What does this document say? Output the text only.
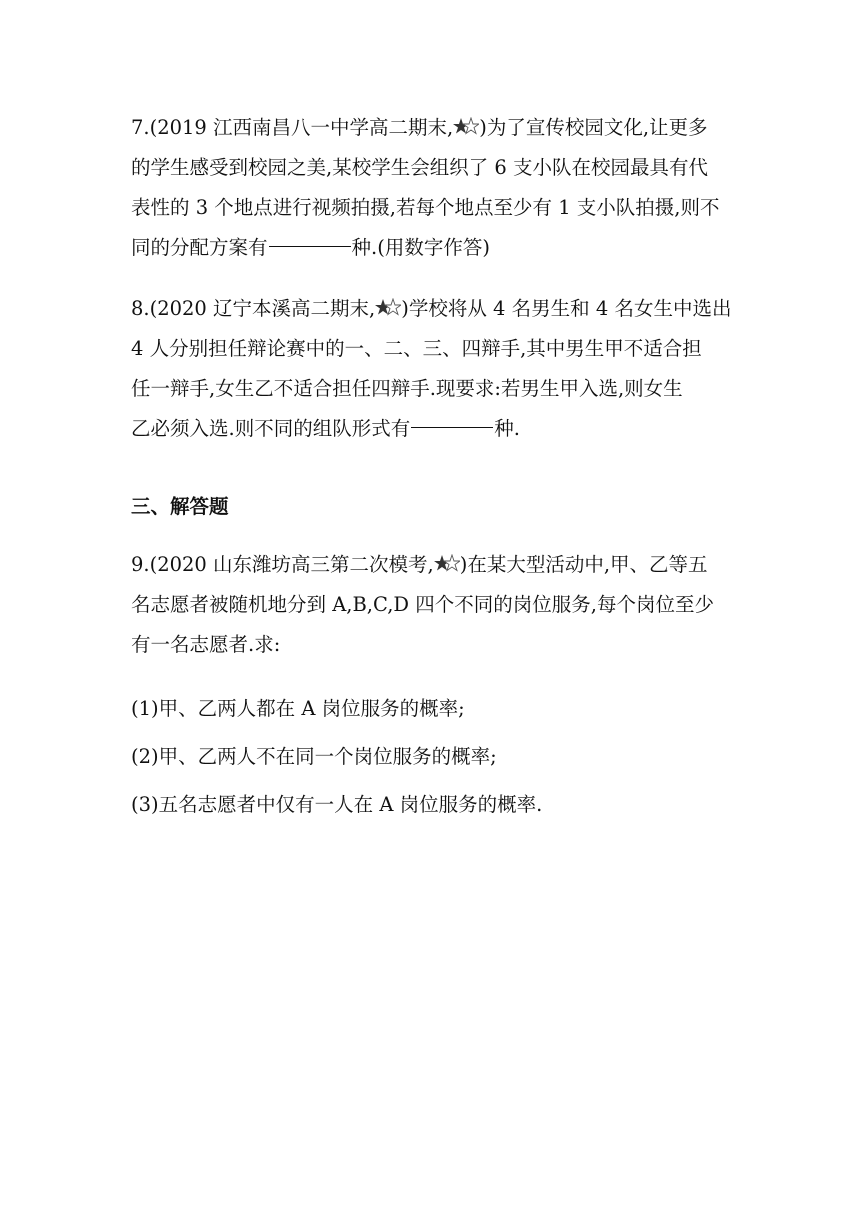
7.(2019 江西南昌八一中学高二期末, )为了宣传校园文化,让更多
的学生感受到校园之美,某校学生会组织了 6 支小队在校园最具有代
表性的 3 个地点进行视频拍摄,若每个地点至少有 1 支小队拍摄,则不
同的分配方案有	种.(用数字作答)
8.(2020 辽宁本溪高二期末, )学校将从 4 名男生和 4 名女生中选出
4 人分别担任辩论赛中的一、二、三、四辩手,其中男生甲不适合担
任一辩手,女生乙不适合担任四辩手.现要求:若男生甲入选,则女生
乙必须入选.则不同的组队形式有	种.
三、解答题
9.(2020 山东潍坊高三第二次模考, )在某大型活动中,甲、乙等五
名志愿者被随机地分到 A,B,C,D 四个不同的岗位服务,每个岗位至少
有一名志愿者.求:
(1)甲、乙两人都在 A 岗位服务的概率;
(2)甲、乙两人不在同一个岗位服务的概率;
(3)五名志愿者中仅有一人在 A 岗位服务的概率.
